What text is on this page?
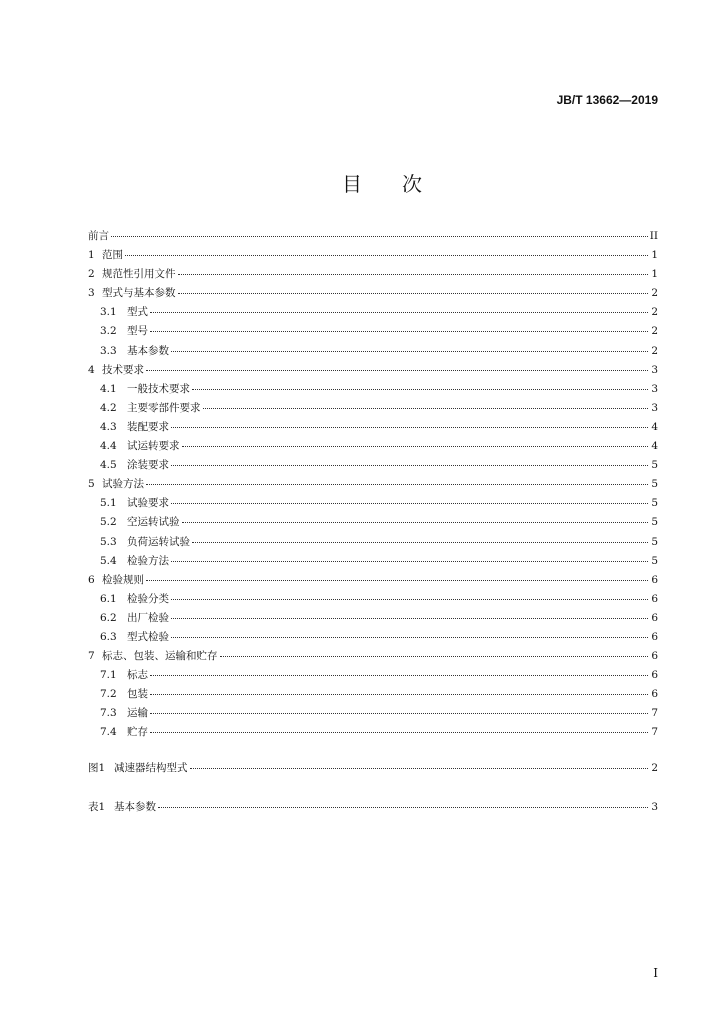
JB/T 13662—2019
目次
前言	II
1 范围	1
2 规范性引用文件	1
3 型式与基本参数	2
3.1 型式	2
3.2 型号	2
3.3 基本参数	2
4 技术要求	3
4.1 一般技术要求	3
4.2 主要零部件要求	3
4.3 装配要求	4
4.4 试运转要求	4
4.5 涂装要求	5
5 试验方法	5
5.1 试验要求	5
5.2 空运转试验	5
5.3 负荷运转试验	5
5.4 检验方法	5
6 检验规则	6
6.1 检验分类	6
6.2 出厂检验	6
6.3 型式检验	6
7 标志、包装、运输和贮存	6
7.1 标志	6
7.2 包装	6
7.3 运输	7
7.4 贮存	7
图1 减速器结构型式	2
表1 基本参数	3
I
